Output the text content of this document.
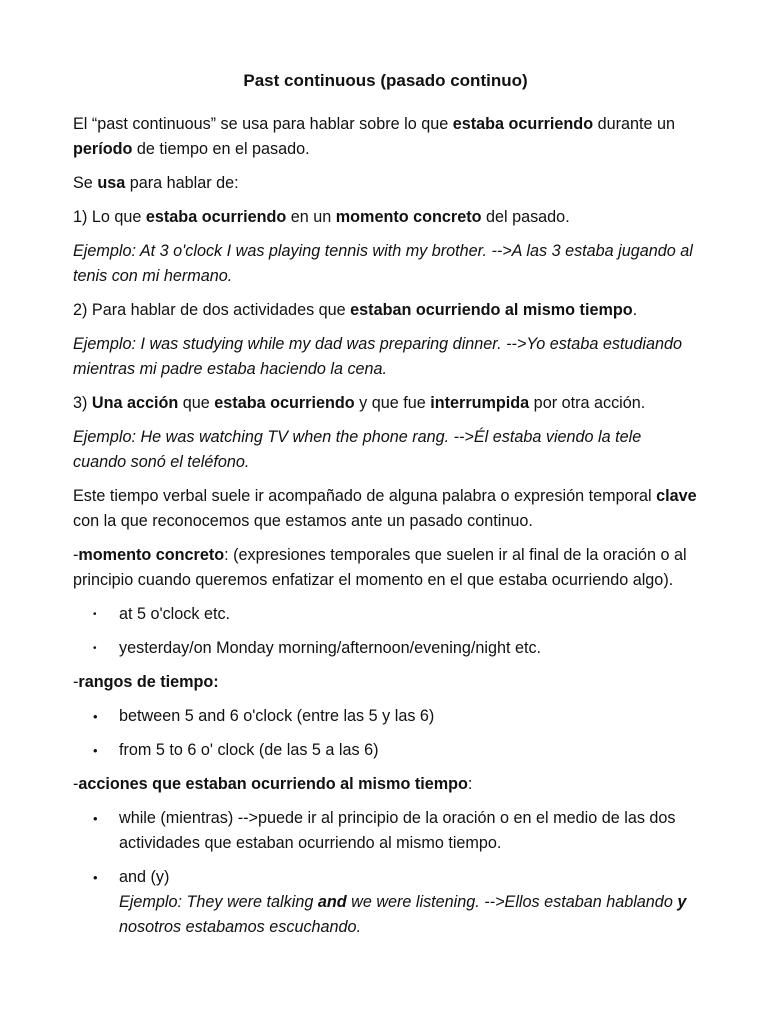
Past continuous (pasado continuo)

El “past continuous” se usa para hablar sobre lo que estaba ocurriendo durante un período de tiempo en el pasado.

Se usa para hablar de:

1) Lo que estaba ocurriendo en un momento concreto del pasado.

Ejemplo: At 3 o'clock I was playing tennis with my brother. -->A las 3 estaba jugando al tenis con mi hermano.

2) Para hablar de dos actividades que estaban ocurriendo al mismo tiempo.

Ejemplo: I was studying while my dad was preparing dinner. -->Yo estaba estudiando mientras mi padre estaba haciendo la cena.

3) Una acción que estaba ocurriendo y que fue interrumpida por otra acción.

Ejemplo: He was watching TV when the phone rang. -->Él estaba viendo la tele cuando sonó el teléfono.

Este tiempo verbal suele ir acompañado de alguna palabra o expresión temporal clave con la que reconocemos que estamos ante un pasado continuo.

-momento concreto: (expresiones temporales que suelen ir al final de la oración o al principio cuando queremos enfatizar el momento en el que estaba ocurriendo algo).

• at 5 o'clock etc.
• yesterday/on Monday morning/afternoon/evening/night etc.

-rangos de tiempo:

• between 5 and 6 o'clock (entre las 5 y las 6)
• from 5 to 6 o' clock (de las 5 a las 6)

-acciones que estaban ocurriendo al mismo tiempo:

• while (mientras) -->puede ir al principio de la oración o en el medio de las dos actividades que estaban ocurriendo al mismo tiempo.
• and (y)
Ejemplo: They were talking and we were listening. -->Ellos estaban hablando y nosotros estabamos escuchando.
